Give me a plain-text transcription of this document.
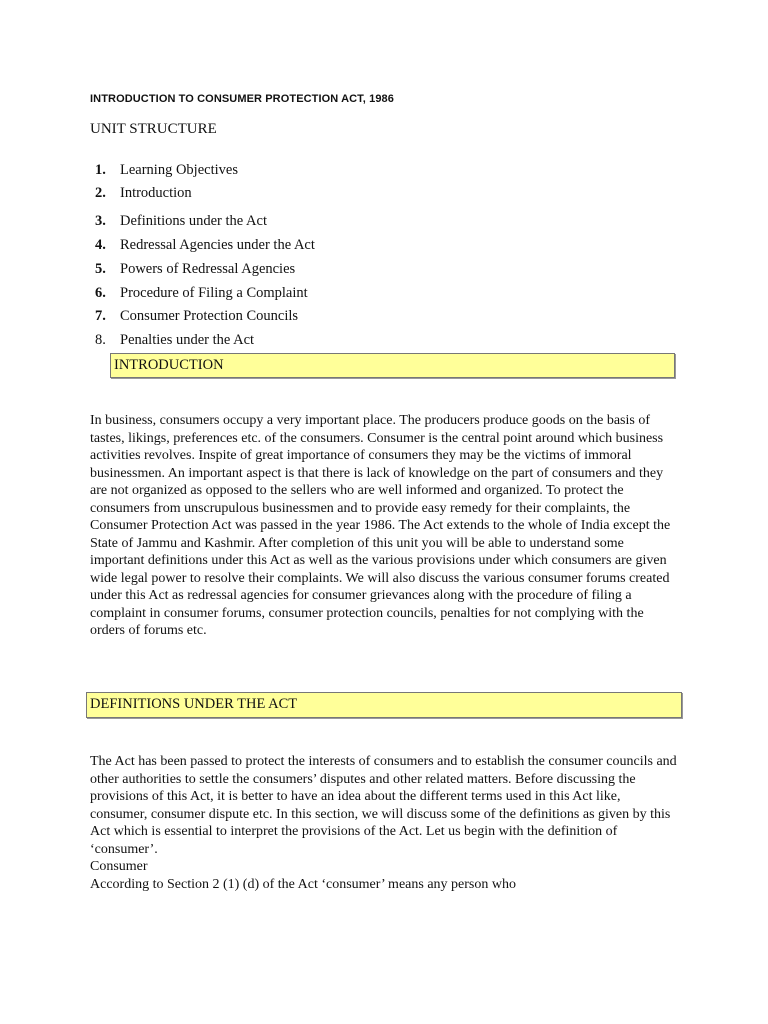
INTRODUCTION TO CONSUMER PROTECTION ACT, 1986
UNIT STRUCTURE
1. Learning Objectives
2. Introduction
3. Definitions under the Act
4. Redressal Agencies under the Act
5. Powers of Redressal Agencies
6. Procedure of Filing a Complaint
7. Consumer Protection Councils
8. Penalties under the Act
INTRODUCTION

In business, consumers occupy a very important place. The producers produce goods on the basis of tastes, likings, preferences etc. of the consumers. Consumer is the central point around which business activities revolves. Inspite of great importance of consumers they may be the victims of immoral businessmen. An important aspect is that there is lack of knowledge on the part of consumers and they are not organized as opposed to the sellers who are well informed and organized. To protect the consumers from unscrupulous businessmen and to provide easy remedy for their complaints, the Consumer Protection Act was passed in the year 1986. The Act extends to the whole of India except the State of Jammu and Kashmir. After completion of this unit you will be able to understand some important definitions under this Act as well as the various provisions under which consumers are given wide legal power to resolve their complaints. We will also discuss the various consumer forums created under this Act as redressal agencies for consumer grievances along with the procedure of filing a complaint in consumer forums, consumer protection councils, penalties for not complying with the orders of forums etc.

DEFINITIONS UNDER THE ACT

The Act has been passed to protect the interests of consumers and to establish the consumer councils and other authorities to settle the consumers’ disputes and other related matters. Before discussing the provisions of this Act, it is better to have an idea about the different terms used in this Act like, consumer, consumer dispute etc. In this section, we will discuss some of the definitions as given by this Act which is essential to interpret the provisions of the Act. Let us begin with the definition of ‘consumer’.

Consumer

According to Section 2 (1) (d) of the Act ‘consumer’ means any person who
